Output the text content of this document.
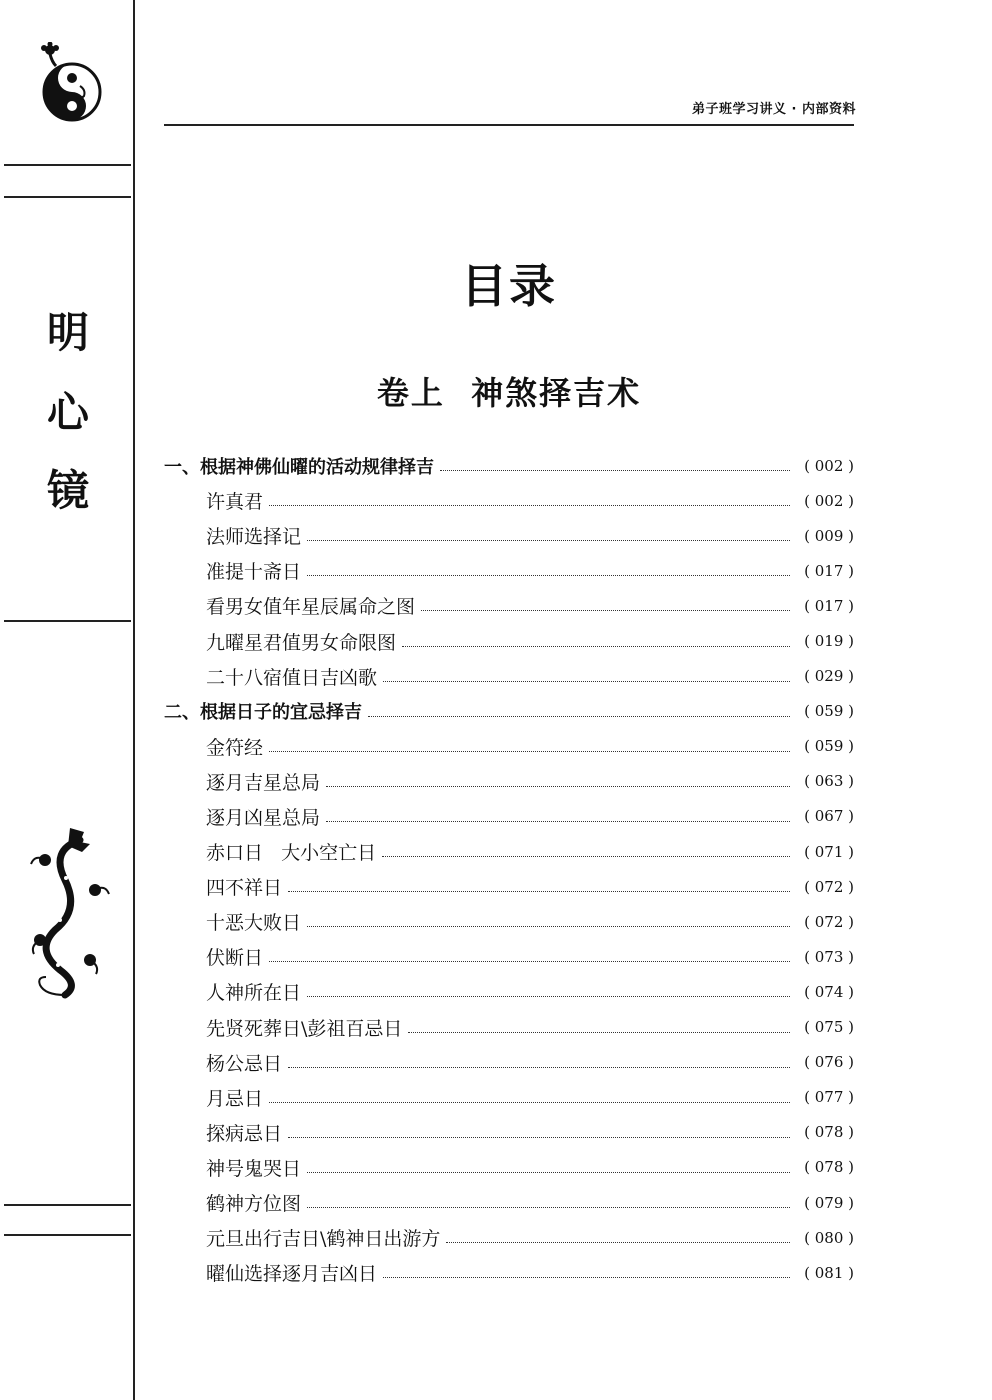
明
心
镜
弟子班学习讲义 · 内部资料
目录
卷上  神煞择吉术
一、根据神佛仙曜的活动规律择吉	( 002 )
许真君	( 002 )
法师选择记	( 009 )
准提十斋日	( 017 )
看男女值年星辰属命之图	( 017 )
九曜星君值男女命限图	( 019 )
二十八宿值日吉凶歌	( 029 )
二、根据日子的宜忌择吉	( 059 )
金符经	( 059 )
逐月吉星总局	( 063 )
逐月凶星总局	( 067 )
赤口日   大小空亡日	( 071 )
四不祥日	( 072 )
十恶大败日	( 072 )
伏断日	( 073 )
人神所在日	( 074 )
先贤死葬日\彭祖百忌日	( 075 )
杨公忌日	( 076 )
月忌日	( 077 )
探病忌日	( 078 )
神号鬼哭日	( 078 )
鹤神方位图	( 079 )
元旦出行吉日\鹤神日出游方	( 080 )
曜仙选择逐月吉凶日	( 081 )
